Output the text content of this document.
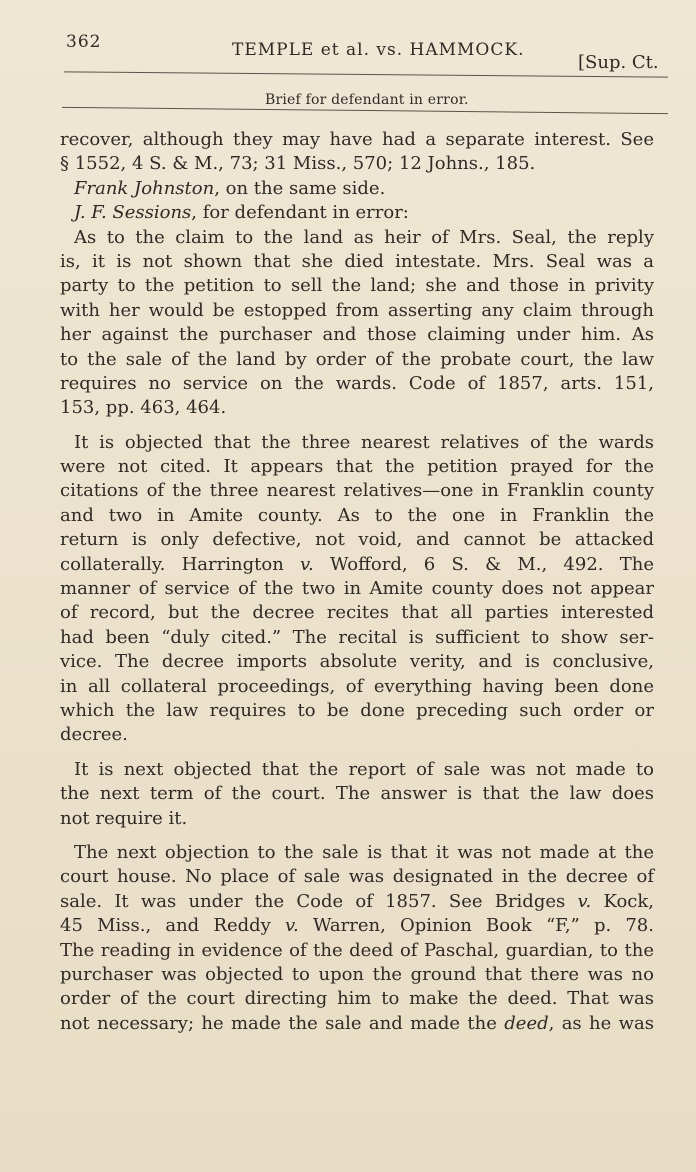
362	TEMPLE et al. vs. HAMMOCK.
[Sup. Ct.
Brief for defendant in error.
recover, although they may have had a separate interest. See
§ 1552, 4 S. & M., 73; 31 Miss., 570; 12 Johns., 185.
Frank Johnston, on the same side.
J. F. Sessions, for defendant in error:
As to the claim to the land as heir of Mrs. Seal, the reply
is, it is not shown that she died intestate. Mrs. Seal was a
party to the petition to sell the land; she and those in privity
with her would be estopped from asserting any claim through
her against the purchaser and those claiming under him. As
to the sale of the land by order of the probate court, the law
requires no service on the wards. Code of 1857, arts. 151,
153, pp. 463, 464.
It is objected that the three nearest relatives of the wards
were not cited. It appears that the petition prayed for the
citations of the three nearest relatives—one in Franklin county
and two in Amite county. As to the one in Franklin the
return is only defective, not void, and cannot be attacked
collaterally. Harrington v. Wofford, 6 S. & M., 492. The
manner of service of the two in Amite county does not appear
of record, but the decree recites that all parties interested
had been “duly cited.” The recital is sufficient to show ser-
vice. The decree imports absolute verity, and is conclusive,
in all collateral proceedings, of everything having been done
which the law requires to be done preceding such order or
decree.
It is next objected that the report of sale was not made to
the next term of the court. The answer is that the law does
not require it.
The next objection to the sale is that it was not made at the
court house. No place of sale was designated in the decree of
sale. It was under the Code of 1857. See Bridges v. Kock,
45 Miss., and Reddy v. Warren, Opinion Book “F,” p. 78.
The reading in evidence of the deed of Paschal, guardian, to the
purchaser was objected to upon the ground that there was no
order of the court directing him to make the deed. That was
not necessary; he made the sale and made the deed, as he was
